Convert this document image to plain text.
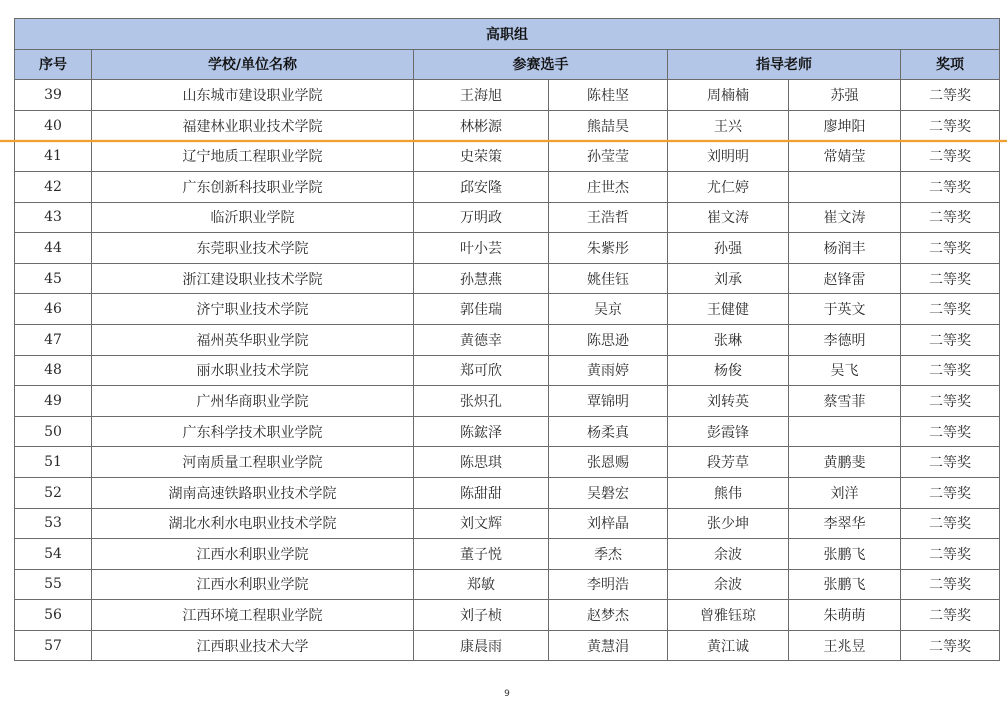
高职组						
序号	学校/单位名称	参赛选手		指导老师		奖项
39	山东城市建设职业学院	王海旭	陈桂坚	周楠楠	苏强	二等奖
40	福建林业职业技术学院	林彬源	熊喆昊	王兴	廖坤阳	二等奖
41	辽宁地质工程职业学院	史荣策	孙莹莹	刘明明	常婧莹	二等奖
42	广东创新科技职业学院	邱安隆	庄世杰	尤仁婷		二等奖
43	临沂职业学院	万明政	王浩哲	崔文涛	崔文涛	二等奖
44	东莞职业技术学院	叶小芸	朱紫彤	孙强	杨润丰	二等奖
45	浙江建设职业技术学院	孙慧燕	姚佳钰	刘承	赵锋雷	二等奖
46	济宁职业技术学院	郭佳瑞	吴京	王健健	于英文	二等奖
47	福州英华职业学院	黄德幸	陈思逊	张琳	李德明	二等奖
48	丽水职业技术学院	郑可欣	黄雨婷	杨俊	吴飞	二等奖
49	广州华商职业学院	张炽孔	覃锦明	刘转英	蔡雪菲	二等奖
50	广东科学技术职业学院	陈鋐泽	杨柔真	彭霞锋		二等奖
51	河南质量工程职业学院	陈思琪	张恩赐	段芳草	黄鹏斐	二等奖
52	湖南高速铁路职业技术学院	陈甜甜	吴磐宏	熊伟	刘洋	二等奖
53	湖北水利水电职业技术学院	刘文辉	刘梓晶	张少坤	李翠华	二等奖
54	江西水利职业学院	董子悦	季杰	余波	张鹏飞	二等奖
55	江西水利职业学院	郑敏	李明浩	余波	张鹏飞	二等奖
56	江西环境工程职业学院	刘子桢	赵梦杰	曾雅钰琼	朱萌萌	二等奖
57	江西职业技术大学	康晨雨	黄慧涓	黄江诚	王兆昱	二等奖
9
